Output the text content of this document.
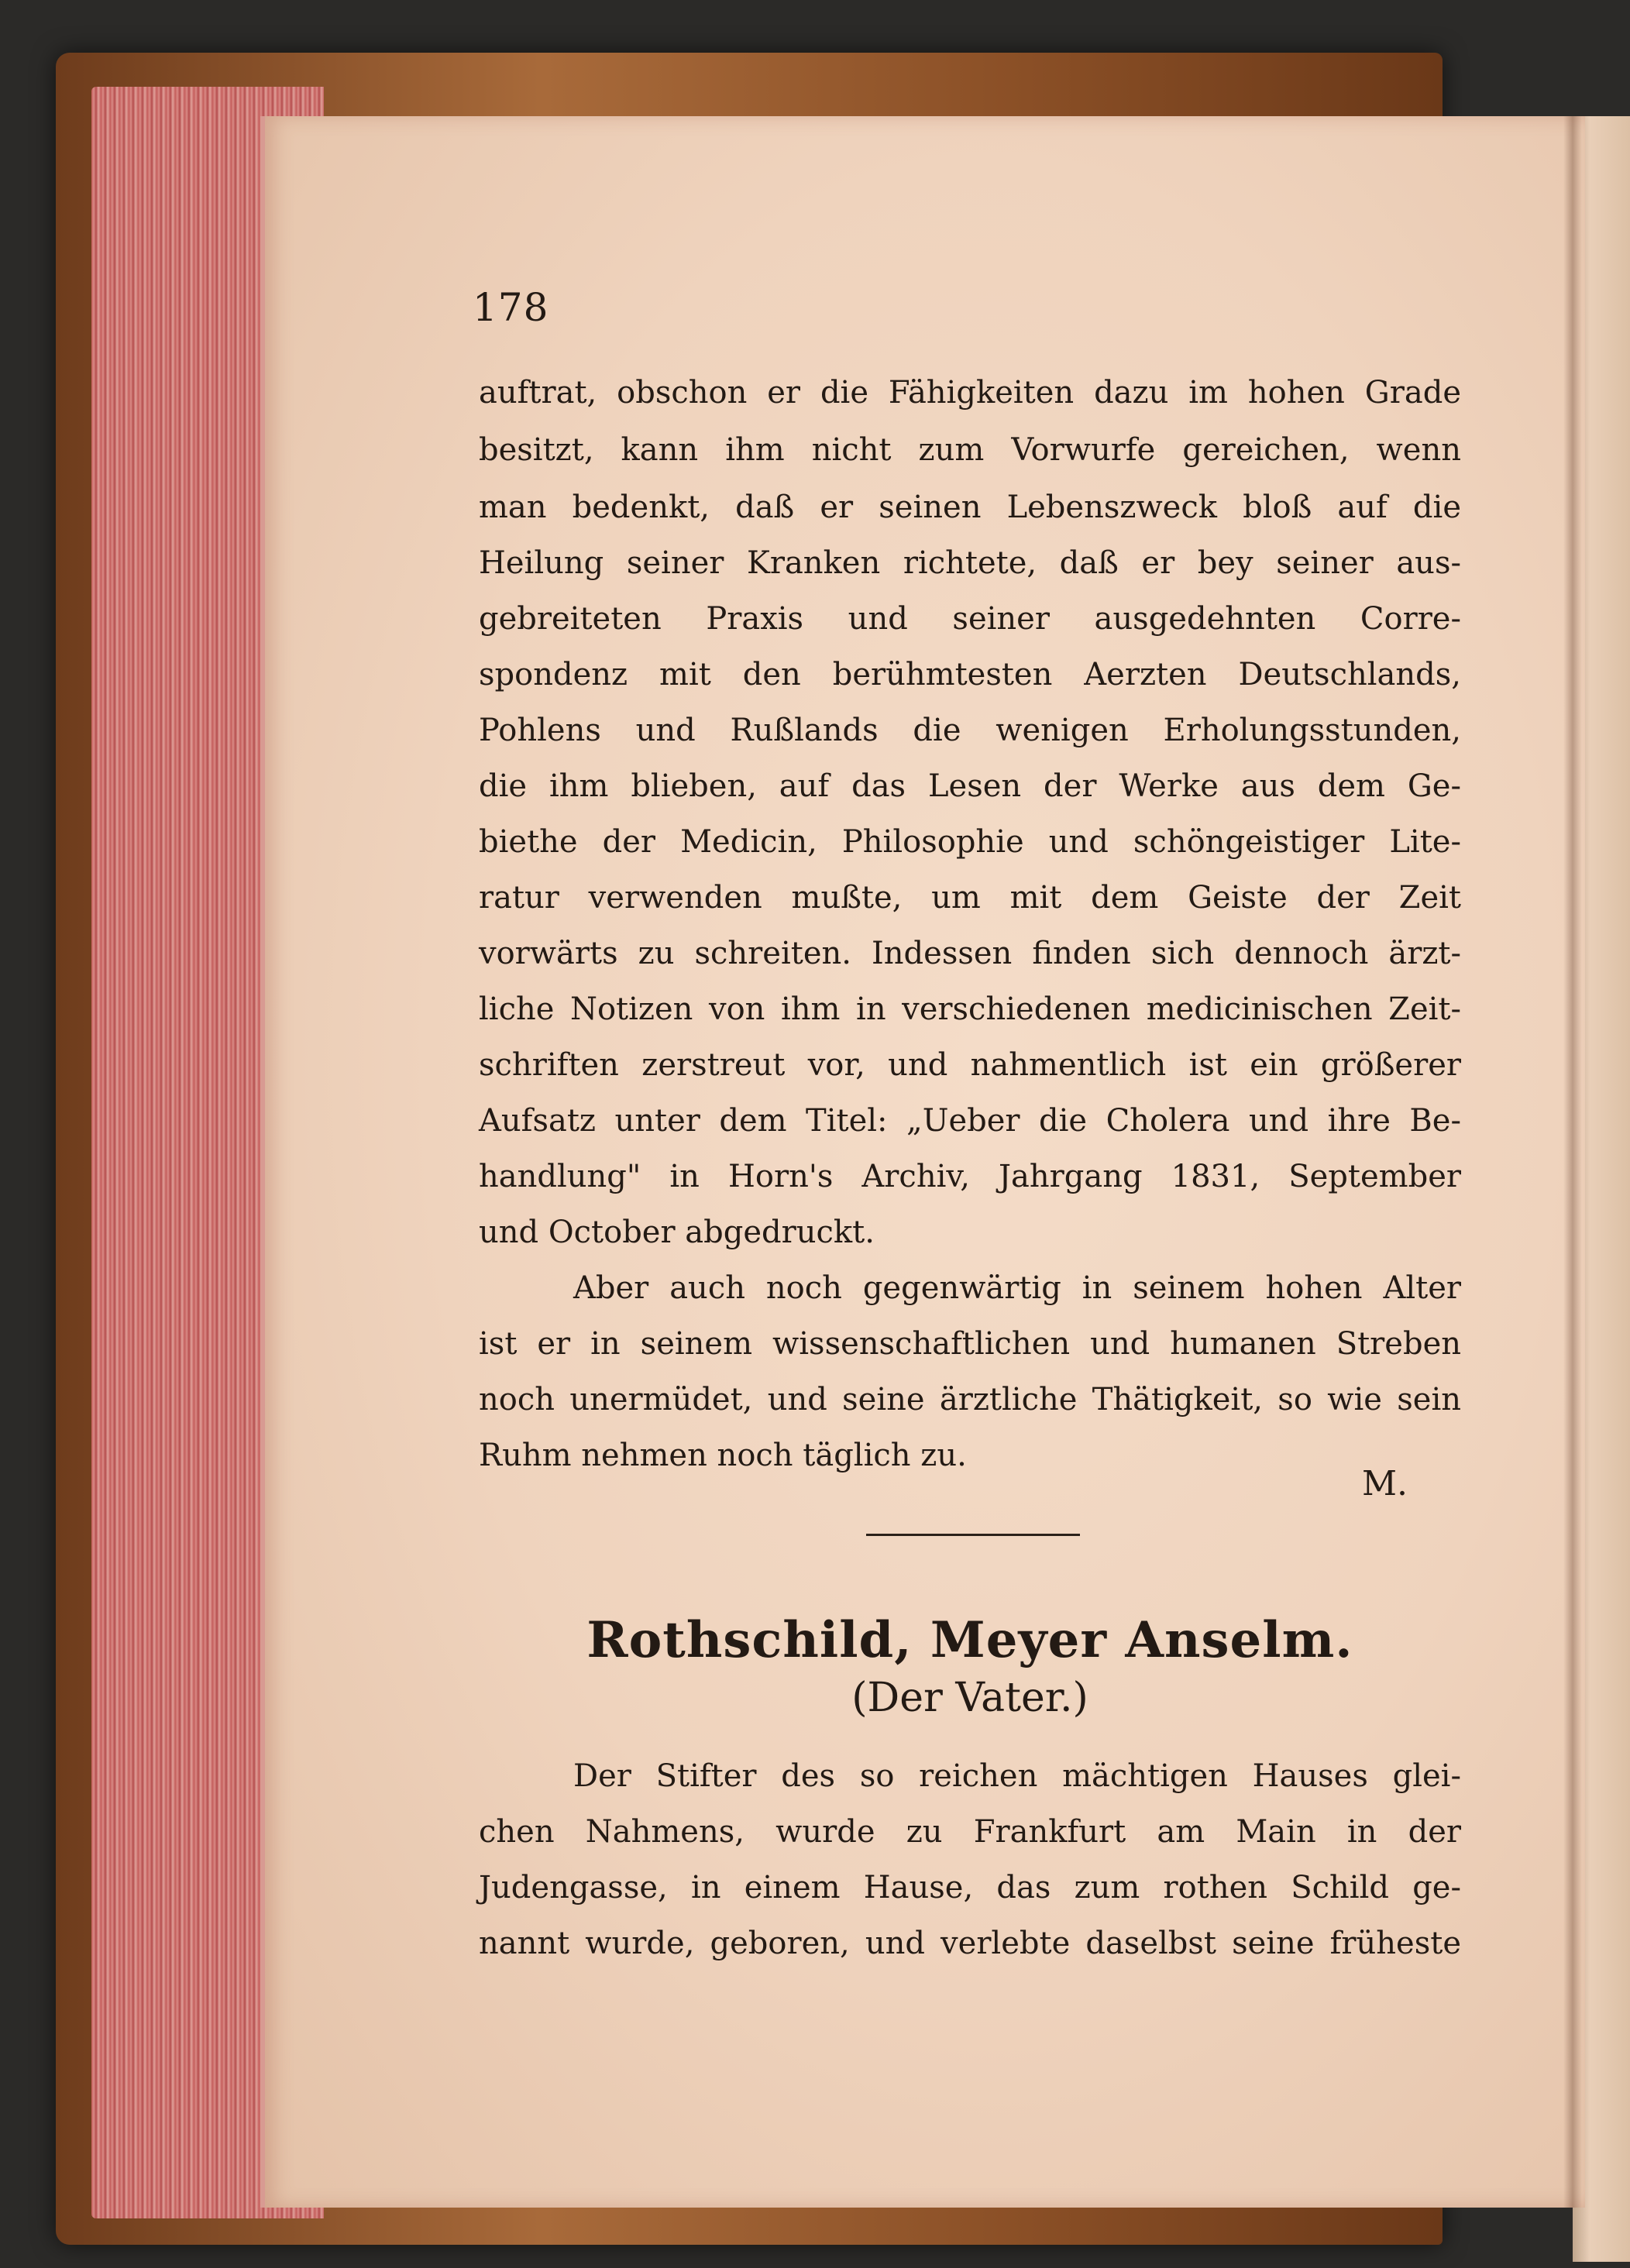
178
auftrat, obschon er die Fähigkeiten dazu im hohen Grade
besitzt, kann ihm nicht zum Vorwurfe gereichen, wenn
man bedenkt, daß er seinen Lebenszweck bloß auf die
Heilung seiner Kranken richtete, daß er bey seiner aus-
gebreiteten Praxis und seiner ausgedehnten Corre-
spondenz mit den berühmtesten Aerzten Deutschlands,
Pohlens und Rußlands die wenigen Erholungsstunden,
die ihm blieben, auf das Lesen der Werke aus dem Ge-
biethe der Medicin, Philosophie und schöngeistiger Lite-
ratur verwenden mußte, um mit dem Geiste der Zeit
vorwärts zu schreiten. Indessen finden sich dennoch ärzt-
liche Notizen von ihm in verschiedenen medicinischen Zeit-
schriften zerstreut vor, und nahmentlich ist ein größerer
Aufsatz unter dem Titel: „Ueber die Cholera und ihre Be-
handlung" in Horn's Archiv, Jahrgang 1831, September
und October abgedruckt.
Aber auch noch gegenwärtig in seinem hohen Alter
ist er in seinem wissenschaftlichen und humanen Streben
noch unermüdet, und seine ärztliche Thätigkeit, so wie sein
Ruhm nehmen noch täglich zu.
M.
Rothschild, Meyer Anselm.
(Der Vater.)
Der Stifter des so reichen mächtigen Hauses glei-
chen Nahmens, wurde zu Frankfurt am Main in der
Judengasse, in einem Hause, das zum rothen Schild ge-
nannt wurde, geboren, und verlebte daselbst seine früheste
